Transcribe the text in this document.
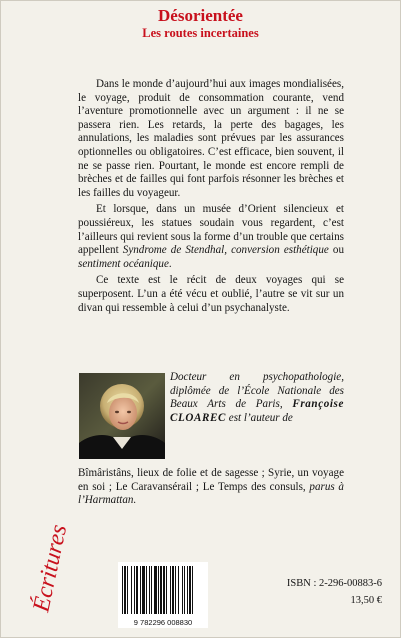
Désorientée
Les routes incertaines

Dans le monde d’aujourd’hui aux images mondialisées, le voyage, produit de consommation courante, vend l’aventure promotionnelle avec un argument : il ne se passera rien. Les retards, la perte des bagages, les annulations, les maladies sont prévues par les assurances optionnelles ou obligatoires. C’est efficace, bien souvent, il ne se passe rien. Pourtant, le monde est encore rempli de brèches et de failles qui font parfois résonner les brèches et les failles du voyageur.

Et lorsque, dans un musée d’Orient silencieux et poussiéreux, les statues soudain vous regardent, c’est l’ailleurs qui revient sous la forme d’un trouble que certains appellent Syndrome de Stendhal, conversion esthétique ou sentiment océanique.

Ce texte est le récit de deux voyages qui se superposent. L’un a été vécu et oublié, l’autre se vit sur un divan qui ressemble à celui d’un psychanalyste.

Docteur en psychopathologie, diplômée de l’École Nationale des Beaux Arts de Paris, Françoise CLOAREC est l’auteur de
Bîmâristâns, lieux de folie et de sagesse ; Syrie, un voyage en soi ; Le Caravansérail ; Le Temps des consuls, parus à l’Harmattan.
Écritures
9 782296 008830
ISBN : 2-296-00883-6
13,50 €
